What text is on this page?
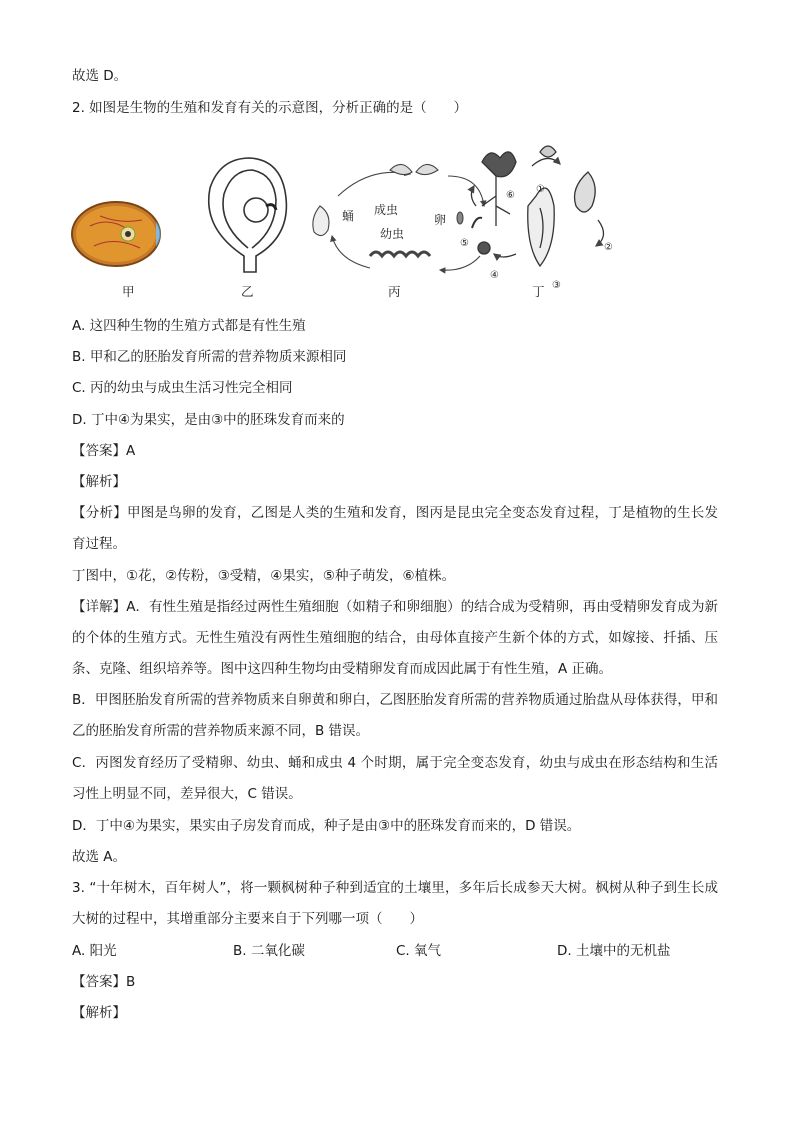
故选 D。
2. 如图是生物的生殖和发育有关的示意图，分析正确的是（　　）
甲	乙
蛹 成虫
幼虫
卵
丙
⑥
①
②
③
④
⑤
丁
A. 这四种生物的生殖方式都是有性生殖
B. 甲和乙的胚胎发育所需的营养物质来源相同
C. 丙的幼虫与成虫生活习性完全相同
D. 丁中④为果实，是由③中的胚珠发育而来的
【答案】A
【解析】
【分析】甲图是鸟卵的发育，乙图是人类的生殖和发育，图丙是昆虫完全变态发育过程，丁是植物的生长发育过程。
丁图中，①花，②传粉，③受精，④果实，⑤种子萌发，⑥植株。
【详解】A．有性生殖是指经过两性生殖细胞（如精子和卵细胞）的结合成为受精卵，再由受精卵发育成为新的个体的生殖方式。无性生殖没有两性生殖细胞的结合，由母体直接产生新个体的方式，如嫁接、扦插、压条、克隆、组织培养等。图中这四种生物均由受精卵发育而成因此属于有性生殖，A 正确。
B．甲图胚胎发育所需的营养物质来自卵黄和卵白，乙图胚胎发育所需的营养物质通过胎盘从母体获得，甲和乙的胚胎发育所需的营养物质来源不同，B 错误。
C．丙图发育经历了受精卵、幼虫、蛹和成虫 4 个时期，属于完全变态发育，幼虫与成虫在形态结构和生活习性上明显不同，差异很大，C 错误。
D．丁中④为果实，果实由子房发育而成，种子是由③中的胚珠发育而来的，D 错误。
故选 A。
3. “十年树木，百年树人”，将一颗枫树种子种到适宜的土壤里，多年后长成参天大树。枫树从种子到生长成大树的过程中，其增重部分主要来自于下列哪一项（　　）
A. 阳光	B. 二氧化碳	C. 氧气	D. 土壤中的无机盐
【答案】B
【解析】
